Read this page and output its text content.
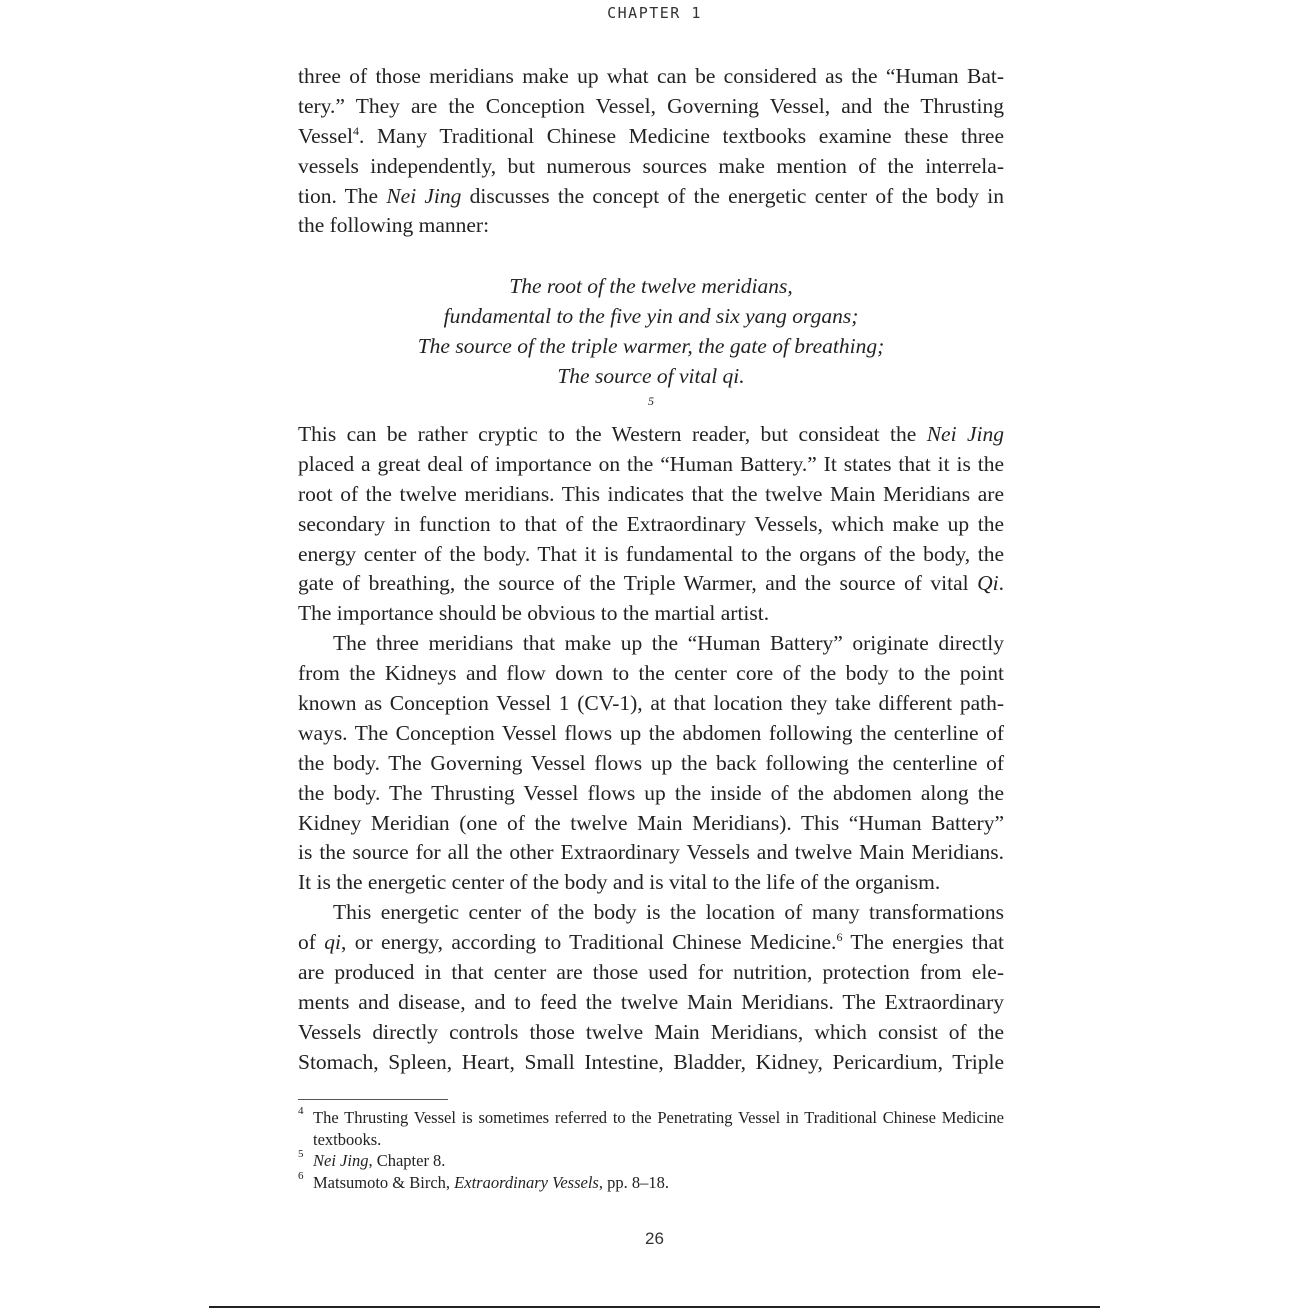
CHAPTER 1
three of those meridians make up what can be considered as the “Human Bat-
tery.” They are the Conception Vessel, Governing Vessel, and the Thrusting
Vessel$^4$. Many Traditional Chinese Medicine textbooks examine these three
vessels independently, but numerous sources make mention of the interrela-
tion. The Nei Jing discusses the concept of the energetic center of the body in
the following manner:
The root of the twelve meridians,
fundamental to the five yin and six yang organs;
The source of the triple warmer, the gate of breathing;
The source of vital qi.
$^5$
This can be rather cryptic to the Western reader, but consideat the Nei Jing
placed a great deal of importance on the “Human Battery.” It states that it is the
root of the twelve meridians. This indicates that the twelve Main Meridians are
secondary in function to that of the Extraordinary Vessels, which make up the
energy center of the body. That it is fundamental to the organs of the body, the
gate of breathing, the source of the Triple Warmer, and the source of vital Qi.
The importance should be obvious to the martial artist.
The three meridians that make up the “Human Battery” originate directly
from the Kidneys and flow down to the center core of the body to the point
known as Conception Vessel 1 (CV-1), at that location they take different path-
ways. The Conception Vessel flows up the abdomen following the centerline of
the body. The Governing Vessel flows up the back following the centerline of
the body. The Thrusting Vessel flows up the inside of the abdomen along the
Kidney Meridian (one of the twelve Main Meridians). This “Human Battery”
is the source for all the other Extraordinary Vessels and twelve Main Meridians.
It is the energetic center of the body and is vital to the life of the organism.
This energetic center of the body is the location of many transformations
of qi, or energy, according to Traditional Chinese Medicine.$^6$ The energies that
are produced in that center are those used for nutrition, protection from ele-
ments and disease, and to feed the twelve Main Meridians. The Extraordinary
Vessels directly controls those twelve Main Meridians, which consist of the
Stomach, Spleen, Heart, Small Intestine, Bladder, Kidney, Pericardium, Triple
4 The Thrusting Vessel is sometimes referred to the Penetrating Vessel in Traditional Chinese Medicine
textbooks.
5 Nei Jing, Chapter 8.
6 Matsumoto & Birch, Extraordinary Vessels, pp. 8–18.
26
